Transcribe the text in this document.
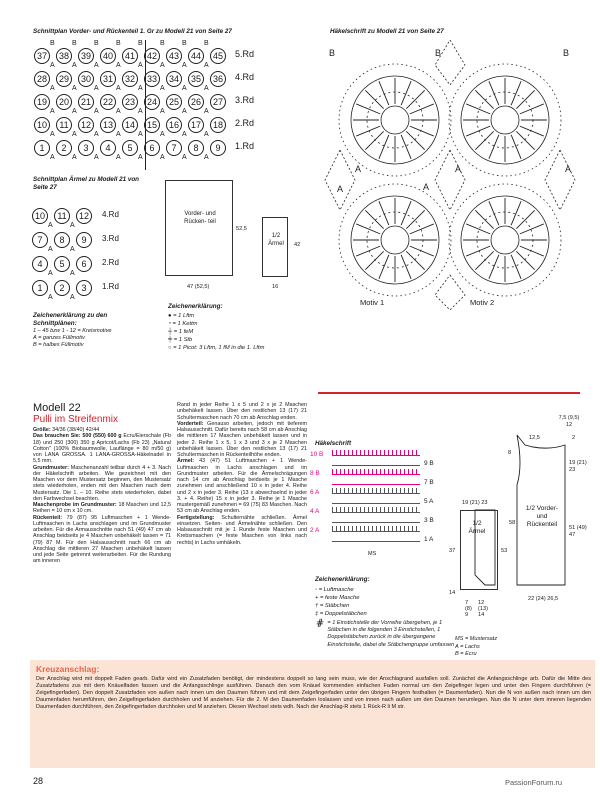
Schnittplan Vorder- und Rückenteil 1. Gr zu Modell 21 von Seite 27
37	38	39	40	41	42	43	44	45	5.Rd
A A A A A A A A
28	29	30	31	32	33	34	35	36	4.Rd
A A A A A A A A
19	20	21	22	23	24	25	26	27	3.Rd
A A A A A A A A
10	11	12	13	14	15	16	17	18	2.Rd
A A A A A A A A
1	2	3	4	5	6	7	8	9	1.Rd
A A A A A A A A
B B B B B B B B
Häkelschrift zu Modell 21 von Seite 27
B	B	B
A	A	A
A	A
Motiv 1	Motiv 2
Schnittplan Ärmel zu Modell 21 von Seite 27
10	11	12	4.Rd
A A
7	8	9	3.Rd
A A
4	5	6	2.Rd
A A
1	2	3	1.Rd
A A
Vorder- und Rücken- teil
52,5
47 (52,5)
1/2 Ärmel	42
16
Zeichenerklärung zu den Schnittplänen:
1 – 45 bzw 1 - 12 = Kreismotive
A = ganzes Füllmotiv
B = halbes Füllmotiv
Zeichenerklärung:
● = 1 Lftm
⁃ = 1 Kettm
┼ = 1 feM
╪ = 1 Stb
○ = 1 Picot: 3 Lftm, 1 fM in die 1. Lftm
Modell 22
Pulli im Streifenmix
Größe: 34/36 (38/40) 42/44
Das brauchen Sie: 500 (550) 600 g Ecru/Eierschale (Fb 18) und 250 (300) 350 g Apricot/Lachs (Fb 23) „Natural Cotton" (100% Biobaumwolle, Lauflänge = 80 m/50 g) von LANA GROSSA. 1 LANA-GROSSA-Häkelnadel in 5,5 mm.
Grundmuster: Maschenanzahl teilbar durch 4 + 3. Nach der Häkelschrift arbeiten. Wie gezeichnet mit den Maschen vor dem Mustersatz beginnen, den Mustersatz stets wiederholen, enden mit den Maschen nach dem Mustersatz. Die 1. – 10. Reihe stets wiederholen, dabei den Farbwechsel beachten.
Maschenprobe im Grundmuster: 18 Maschen und 12,5 Reihen = 10 cm x 10 cm.
Rückenteil: 79 (87) 95 Luftmaschen + 1 Wende-Luftmaschen in Lachs anschlagen und im Grundmuster arbeiten. Für die Armausschnitte nach 51 (49) 47 cm ab Anschlag beidseits je 4 Maschen unbehäkelt lassen = 71 (79) 87 M. Für den Halsausschnitt nach 66 cm ab Anschlag die mittleren 27 Maschen unbehäkelt lassen und jede Seite getrennt weiterarbeiten. Für die Rundung am inneren
Rand in jeder Reihe 1 x 5 und 2 x je 2 Maschen unbehäkelt lassen. Über den restlichen 13 (17) 21 Schultermaschen nach 70 cm ab Anschlag enden.
Vorderteil: Genauso arbeiten, jedoch mit tieferem Halsausschnitt. Dafür bereits nach 58 cm ab Anschlag die mittleren 17 Maschen unbehäkelt lassen und in jeder 2. Reihe 1 x 5, 1 x 3 und 3 x je 2 Maschen unbehäkelt lassen. Über den restlichen 13 (17) 21 Schultermaschen in Rückenteilhöhe enden.
Ärmel: 43 (47) 51 Luftmaschen + 1 Wende-Luftmaschen in Lachs anschlagen und im Grundmuster arbeiten. Für die Ärmelschrägungen nach 14 cm ab Anschlag beidseits je 1 Masche zunehmen und anschließend 10 x in jeder 4. Reihe und 2 x in jeder 3. Reihe (13 x abwechselnd in jeder 3. + 4. Reihe) 15 x in jeder 3. Reihe je 1 Masche mustergemäß zunehmen = 69 (75) 83 Maschen. Nach 53 cm ab Anschlag enden.
Fertigstellung: Schulternähte schließen. Ärmel einsetzen. Seiten- und Ärmelnähte schließen. Den Halsausschnitt mit je 1 Runde feste Maschen und Krebsmaschen (= feste Maschen von links nach rechts) in Lachs umhäkeln.
Häkelschrift
10 B
8 B
6 A
4 A
2 A
9 B
7 B
5 A
3 B
1 A
MS
Zeichenerklärung:
◦ = Luftmasche
+ = feste Masche
† = Stäbchen
‡ = Doppelstäbchen
⋕ = 1 Einstichstelle der Vorreihe übergehen, je 1 Stäbchen in die folgenden 3 Einstichstellen, 1 Doppelstäbchen zurück in die übergangene Einstichstelle, dabei die Stäbchengruppe umfassen
7,5 (9,5) 12
12,5	2
8
19 (21) 23
1/2 Vorder- und Rückenteil
58
51 (49) 47
22 (24) 26,5
19 (21) 23
1/2 Ärmel
53
37
14
7 (8) 9
12 (13) 14
MS = Mustersatz
A = Lachs
B = Ecru
Kreuzanschlag:
Der Anschlag wird mit doppelt Faden gearb. Dafür wird ein Zusatzfaden benötigt, der mindestens doppelt so lang sein muss, wie der Anschlagrand ausfallen soll. Zunächst die Anfangsschlinge arb. Dafür die Mitte des Zusatzfadens zus mit dem Knäuelfaden fassen und die Anfangsschlinge ausführen. Danach den vom Knäuel kommenden einfachen Faden normal um den Zeigefinger legen und unter den Fingern durchführen (= Zeigefingerfaden). Den doppelt Zusatzfaden von außen nach innen um den Daumen führen und mit dem Zeigefingerfaden unter den übrigen Fingern festhalten (= Daumenfaden). Nun die N von außen nach innen um den Daumenfaden herumführen, den Zeigefingerfaden durchholen und M anziehen. Für die 2. M den Daumenfaden loslassen und von innen nach außen um den Daumen herumlegen. Nun die N unter dem inneren liegenden Daumenfaden durchführen, den Zeigefingerfaden durchholen und M anziehen. Diesen Wechsel stets wdh. Nach der Anschlag-R stets 1 Rück-R li M str.
28	PassionForum.ru
